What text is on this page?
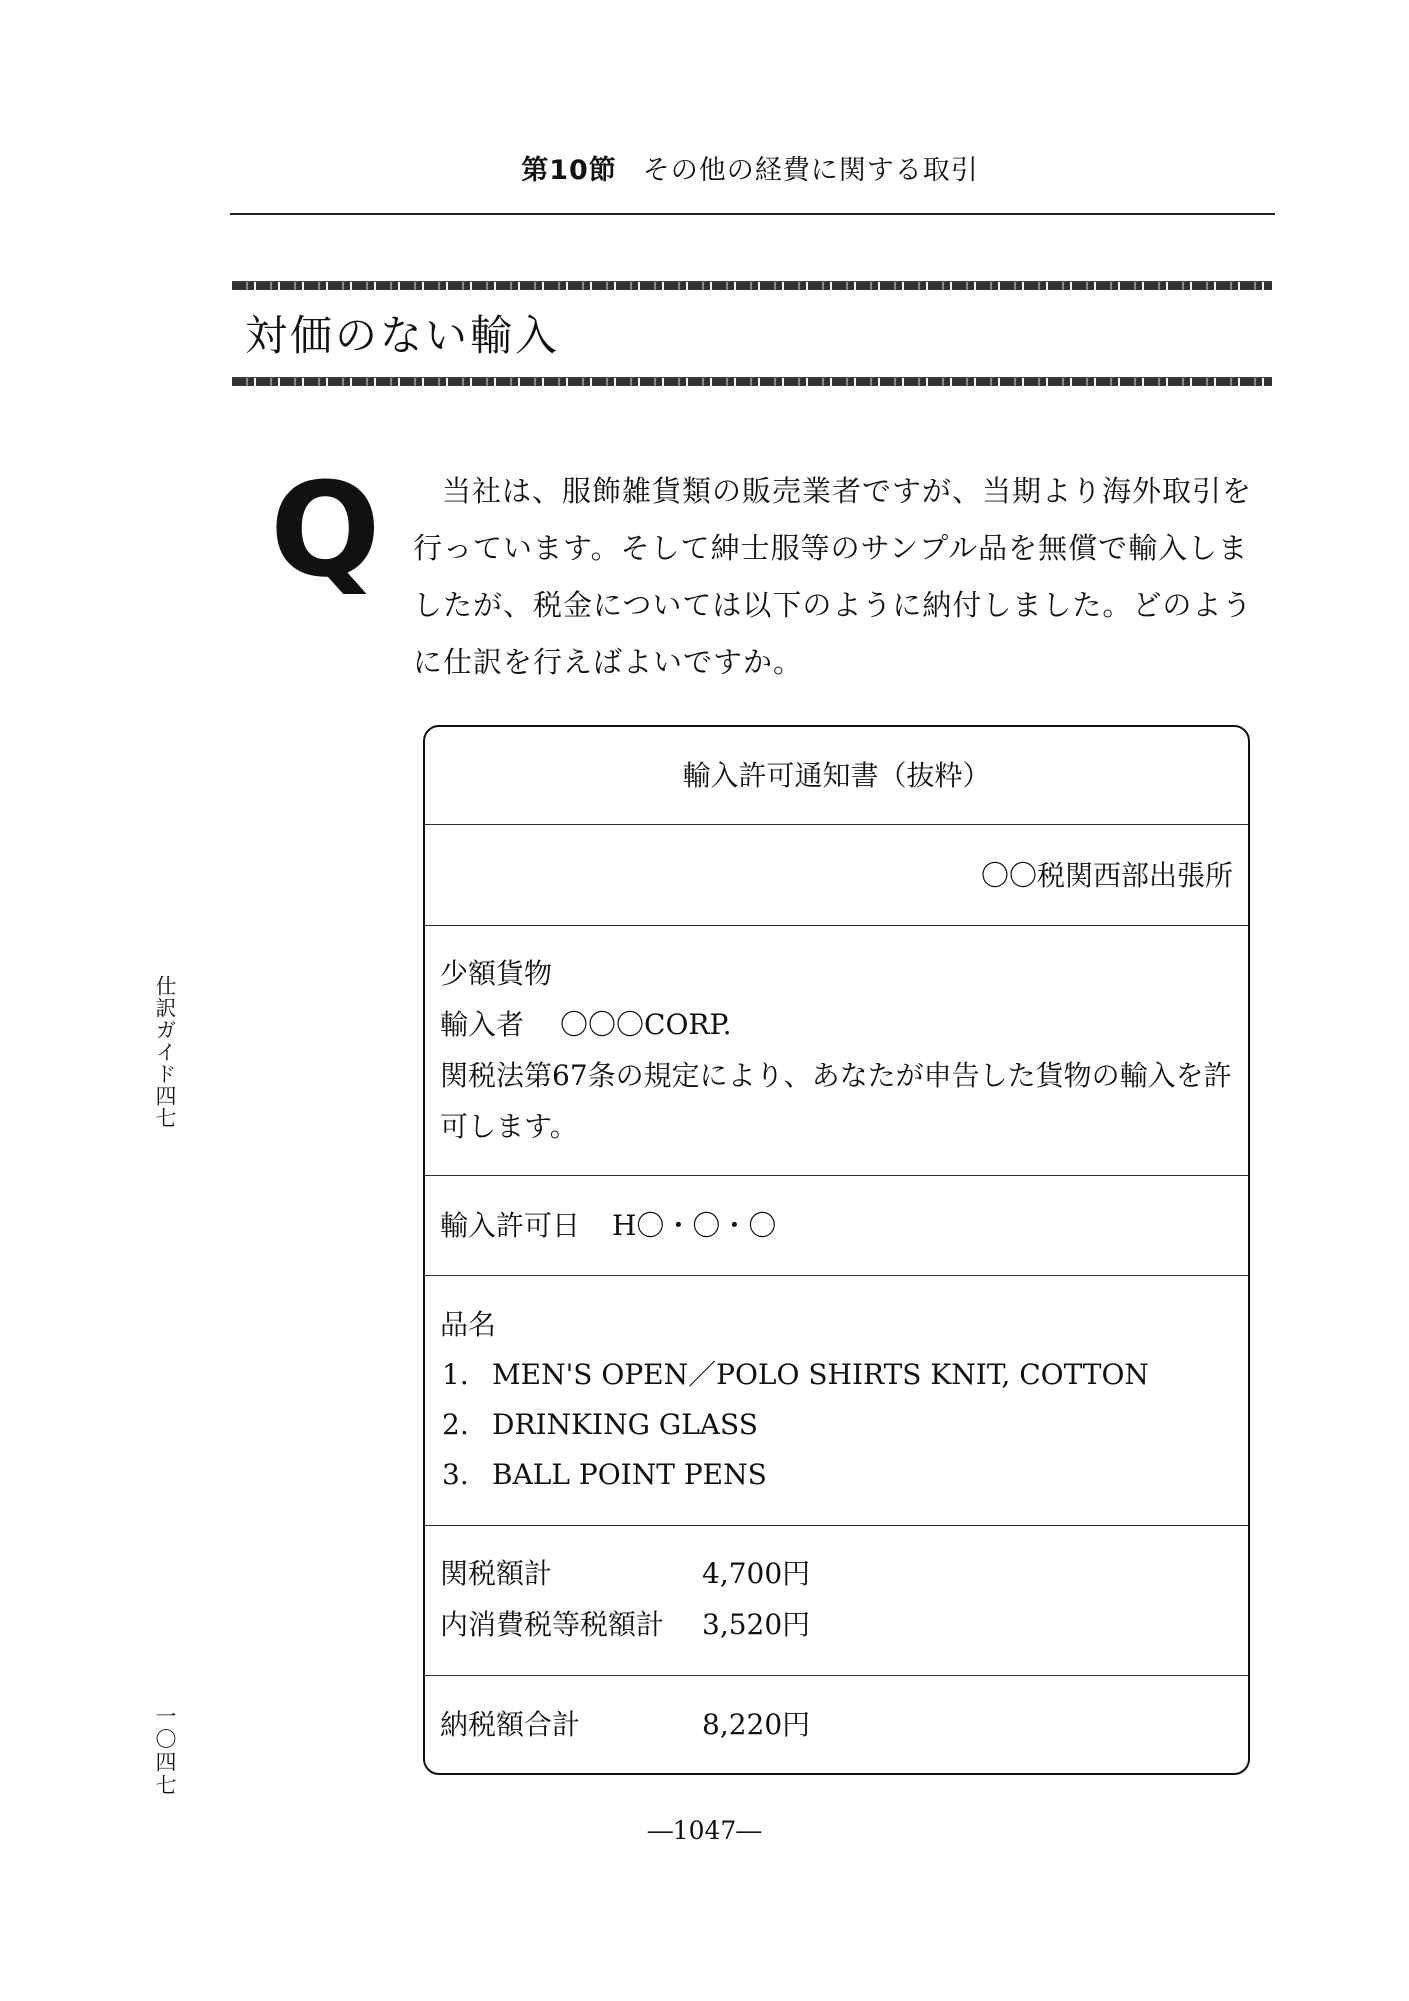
第10節 その他の経費に関する取引
対価のない輸入
Q	当社は、服飾雑貨類の販売業者ですが、当期より海外取引を行っています。そして紳士服等のサンプル品を無償で輸入しましたが、税金については以下のように納付しました。どのように仕訳を行えばよいですか。
輸入許可通知書（抜粋）
〇〇税関西部出張所
少額貨物
輸入者 〇〇〇CORP.
関税法第67条の規定により、あなたが申告した貨物の輸入を許可します。
輸入許可日 H〇・〇・〇
品名
1. MEN'S OPEN／POLO SHIRTS KNIT, COTTON
2. DRINKING GLASS
3. BALL POINT PENS
関税額計	4,700円
内消費税等税額計 3,520円
納税額合計	8,220円
仕訳ガイド四七
一〇四七
―1047―
